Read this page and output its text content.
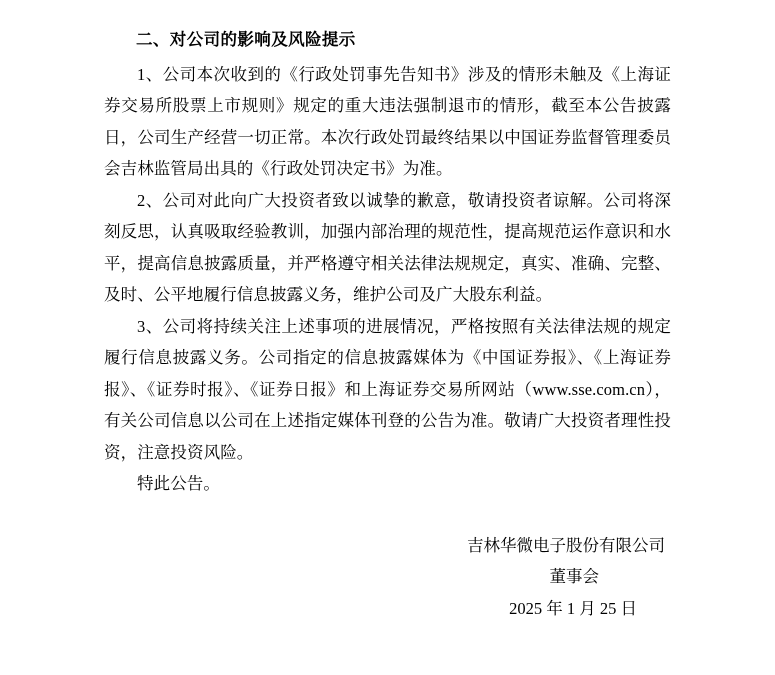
二、对公司的影响及风险提示

1、公司本次收到的《行政处罚事先告知书》涉及的情形未触及《上海证券交易所股票上市规则》规定的重大违法强制退市的情形，截至本公告披露日，公司生产经营一切正常。本次行政处罚最终结果以中国证券监督管理委员会吉林监管局出具的《行政处罚决定书》为准。

2、公司对此向广大投资者致以诚挚的歉意，敬请投资者谅解。公司将深刻反思，认真吸取经验教训，加强内部治理的规范性，提高规范运作意识和水平，提高信息披露质量，并严格遵守相关法律法规规定，真实、准确、完整、及时、公平地履行信息披露义务，维护公司及广大股东利益。

3、公司将持续关注上述事项的进展情况，严格按照有关法律法规的规定履行信息披露义务。公司指定的信息披露媒体为《中国证券报》、《上海证券报》、《证券时报》、《证券日报》和上海证券交易所网站（www.sse.com.cn），有关公司信息以公司在上述指定媒体刊登的公告为准。敬请广大投资者理性投资，注意投资风险。

特此公告。

吉林华微电子股份有限公司
董事会
2025 年 1 月 25 日
